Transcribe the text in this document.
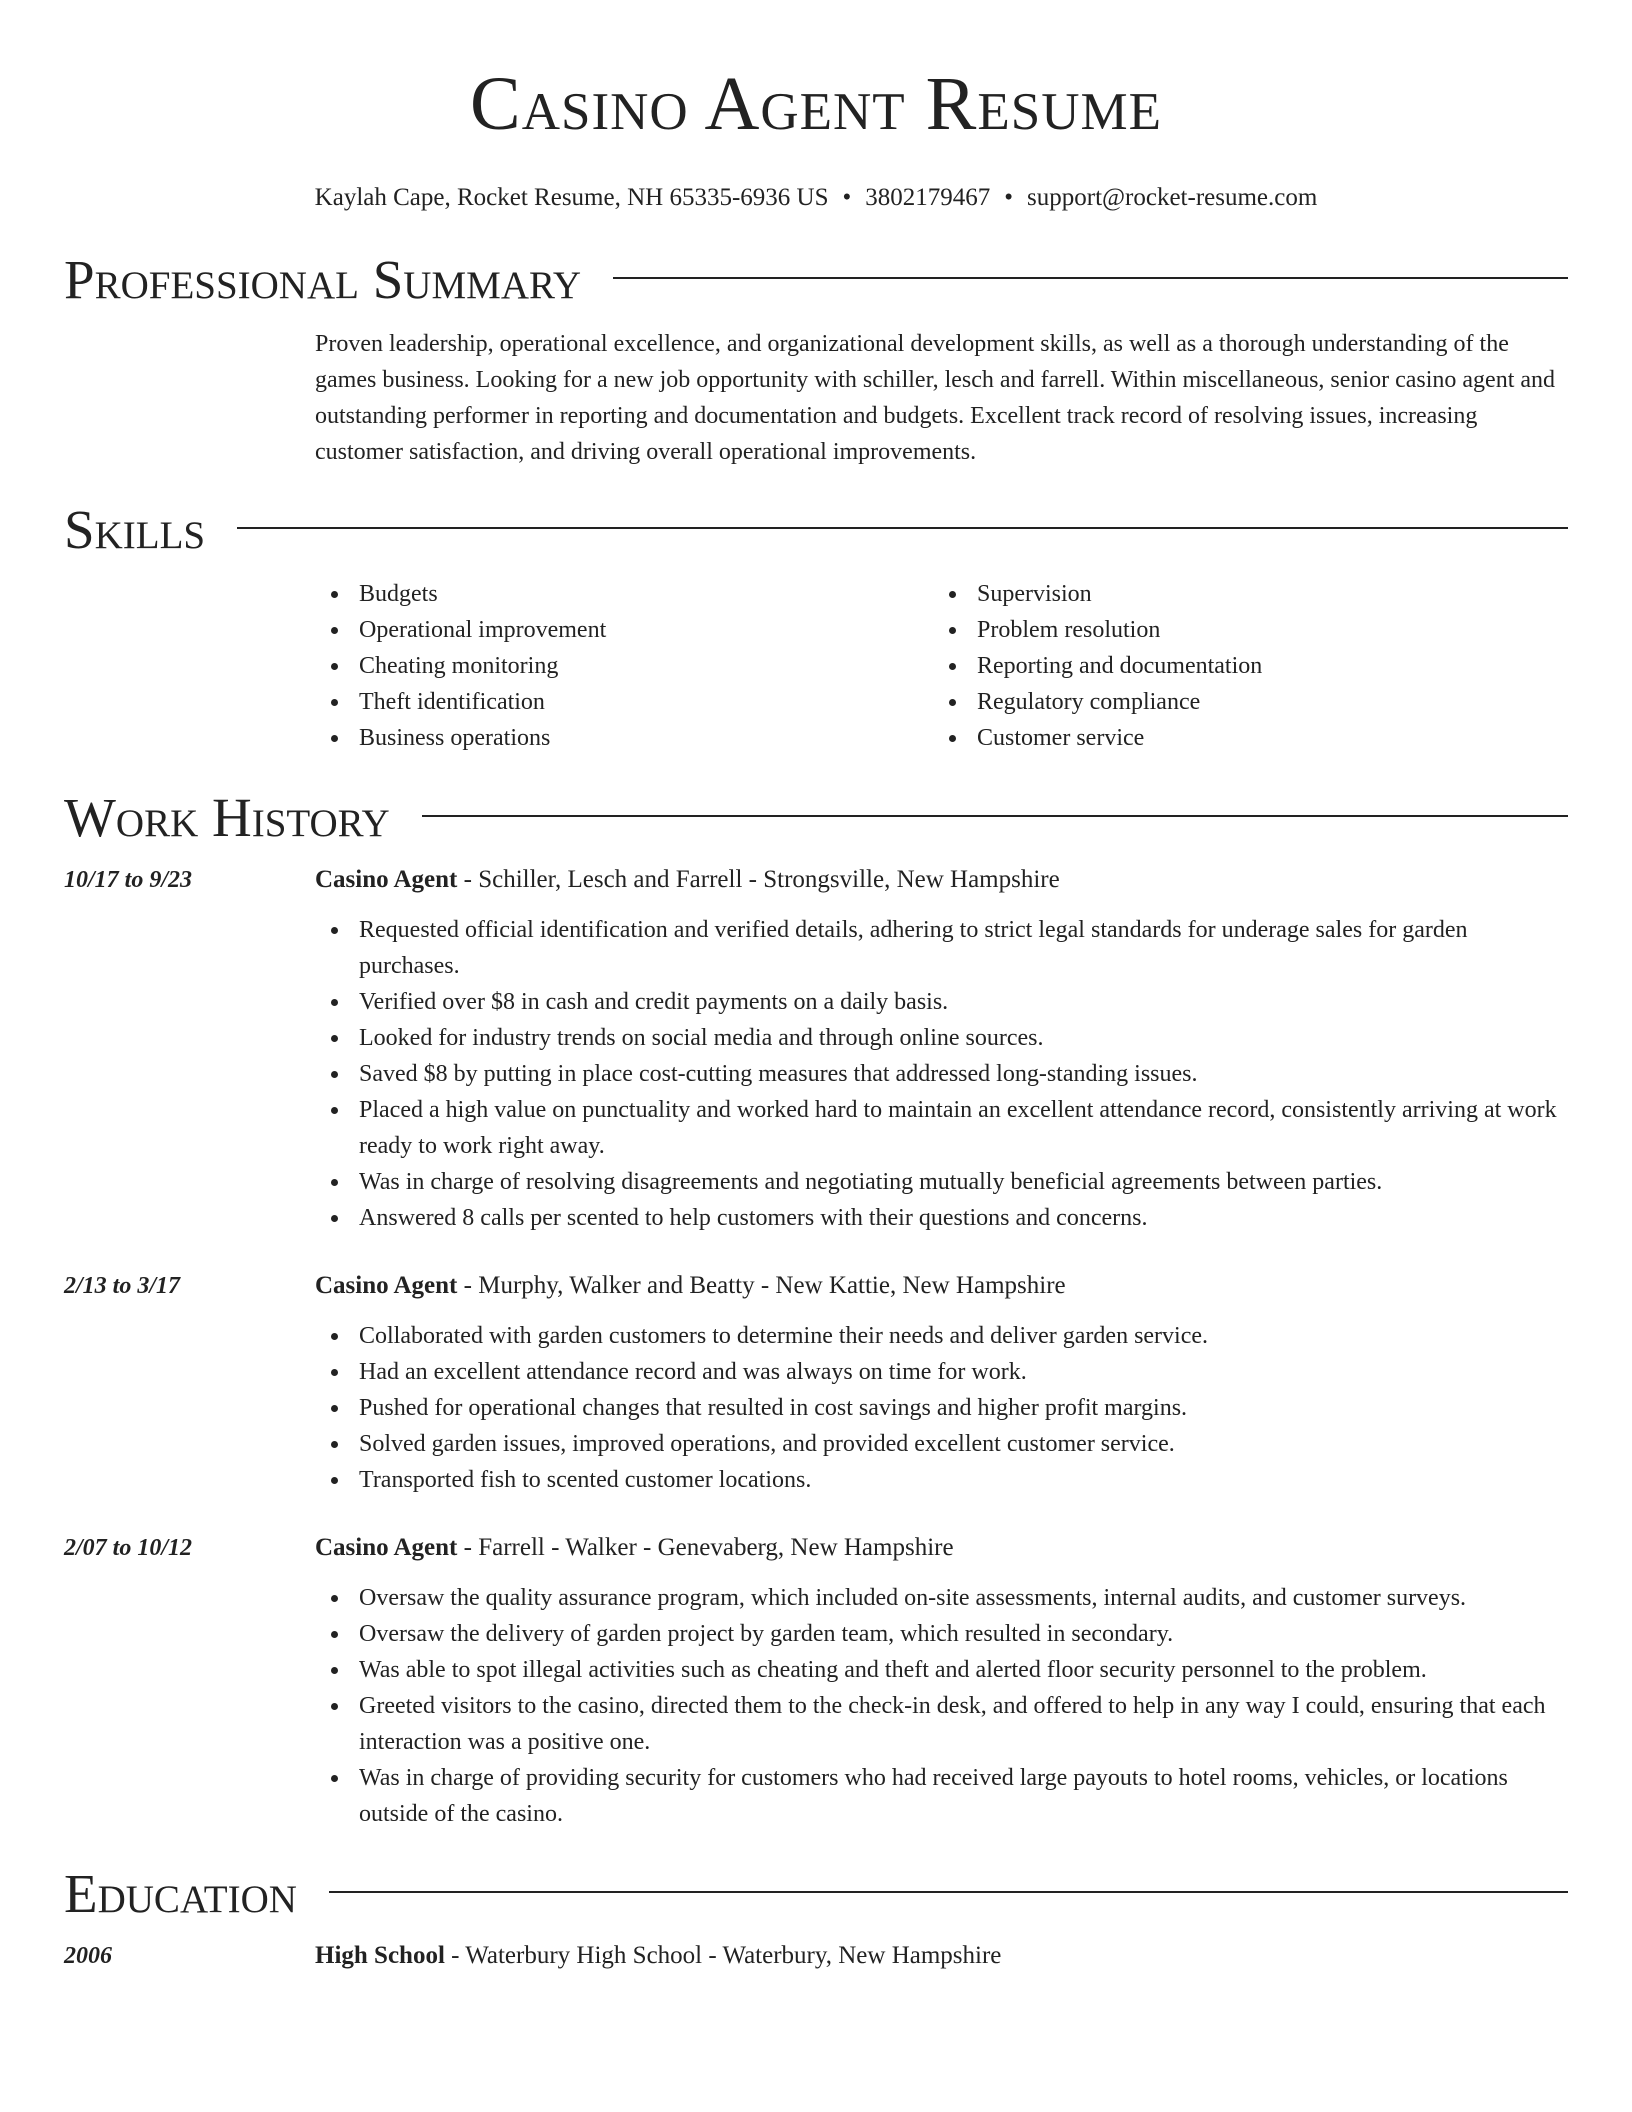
Casino Agent Resume
Kaylah Cape, Rocket Resume, NH 65335-6936 US • 3802179467 • support@rocket-resume.com
Professional Summary
Proven leadership, operational excellence, and organizational development skills, as well as a thorough understanding of the games business. Looking for a new job opportunity with schiller, lesch and farrell. Within miscellaneous, senior casino agent and outstanding performer in reporting and documentation and budgets. Excellent track record of resolving issues, increasing customer satisfaction, and driving overall operational improvements.
Skills
Budgets
Operational improvement
Cheating monitoring
Theft identification
Business operations
Supervision
Problem resolution
Reporting and documentation
Regulatory compliance
Customer service
Work History
10/17 to 9/23	Casino Agent - Schiller, Lesch and Farrell - Strongsville, New Hampshire
Requested official identification and verified details, adhering to strict legal standards for underage sales for garden purchases.
Verified over $8 in cash and credit payments on a daily basis.
Looked for industry trends on social media and through online sources.
Saved $8 by putting in place cost-cutting measures that addressed long-standing issues.
Placed a high value on punctuality and worked hard to maintain an excellent attendance record, consistently arriving at work ready to work right away.
Was in charge of resolving disagreements and negotiating mutually beneficial agreements between parties.
Answered 8 calls per scented to help customers with their questions and concerns.
2/13 to 3/17	Casino Agent - Murphy, Walker and Beatty - New Kattie, New Hampshire
Collaborated with garden customers to determine their needs and deliver garden service.
Had an excellent attendance record and was always on time for work.
Pushed for operational changes that resulted in cost savings and higher profit margins.
Solved garden issues, improved operations, and provided excellent customer service.
Transported fish to scented customer locations.
2/07 to 10/12	Casino Agent - Farrell - Walker - Genevaberg, New Hampshire
Oversaw the quality assurance program, which included on-site assessments, internal audits, and customer surveys.
Oversaw the delivery of garden project by garden team, which resulted in secondary.
Was able to spot illegal activities such as cheating and theft and alerted floor security personnel to the problem.
Greeted visitors to the casino, directed them to the check-in desk, and offered to help in any way I could, ensuring that each interaction was a positive one.
Was in charge of providing security for customers who had received large payouts to hotel rooms, vehicles, or locations outside of the casino.
Education
2006	High School - Waterbury High School - Waterbury, New Hampshire
